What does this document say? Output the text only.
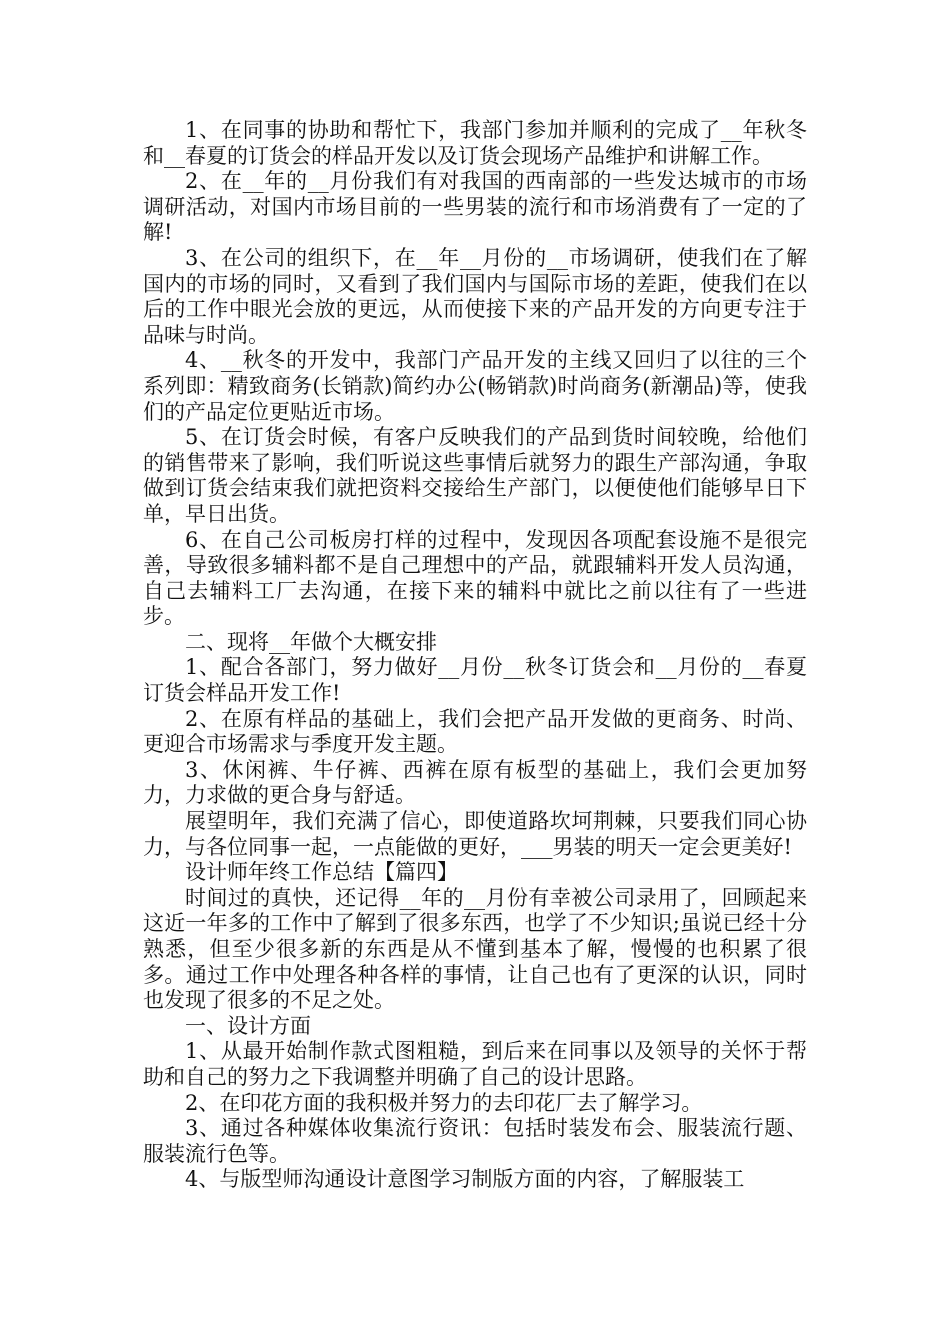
1、在同事的协助和帮忙下，我部门参加并顺利的完成了__年秋冬和__春夏的订货会的样品开发以及订货会现场产品维护和讲解工作。

2、在__年的__月份我们有对我国的西南部的一些发达城市的市场调研活动，对国内市场目前的一些男装的流行和市场消费有了一定的了解!

3、在公司的组织下，在__年__月份的__市场调研，使我们在了解国内的市场的同时，又看到了我们国内与国际市场的差距，使我们在以后的工作中眼光会放的更远，从而使接下来的产品开发的方向更专注于品味与时尚。

4、__秋冬的开发中，我部门产品开发的主线又回归了以往的三个系列即：精致商务(长销款)简约办公(畅销款)时尚商务(新潮品)等，使我们的产品定位更贴近市场。

5、在订货会时候，有客户反映我们的产品到货时间较晚，给他们的销售带来了影响，我们听说这些事情后就努力的跟生产部沟通，争取做到订货会结束我们就把资料交接给生产部门，以便使他们能够早日下单，早日出货。

6、在自己公司板房打样的过程中，发现因各项配套设施不是很完善，导致很多辅料都不是自己理想中的产品，就跟辅料开发人员沟通，自己去辅料工厂去沟通，在接下来的辅料中就比之前以往有了一些进步。

二、现将__年做个大概安排

1、配合各部门，努力做好__月份__秋冬订货会和__月份的__春夏订货会样品开发工作!

2、在原有样品的基础上，我们会把产品开发做的更商务、时尚、更迎合市场需求与季度开发主题。

3、休闲裤、牛仔裤、西裤在原有板型的基础上，我们会更加努力，力求做的更合身与舒适。

展望明年，我们充满了信心，即使道路坎坷荆棘，只要我们同心协力，与各位同事一起，一点能做的更好，___男装的明天一定会更美好!

设计师年终工作总结【篇四】

时间过的真快，还记得__年的__月份有幸被公司录用了，回顾起来这近一年多的工作中了解到了很多东西，也学了不少知识;虽说已经十分熟悉，但至少很多新的东西是从不懂到基本了解，慢慢的也积累了很多。通过工作中处理各种各样的事情，让自己也有了更深的认识，同时也发现了很多的不足之处。

一、设计方面

1、从最开始制作款式图粗糙，到后来在同事以及领导的关怀于帮助和自己的努力之下我调整并明确了自己的设计思路。

2、在印花方面的我积极并努力的去印花厂去了解学习。

3、通过各种媒体收集流行资讯：包括时装发布会、服装流行题、服装流行色等。

4、与版型师沟通设计意图学习制版方面的内容，了解服装工
